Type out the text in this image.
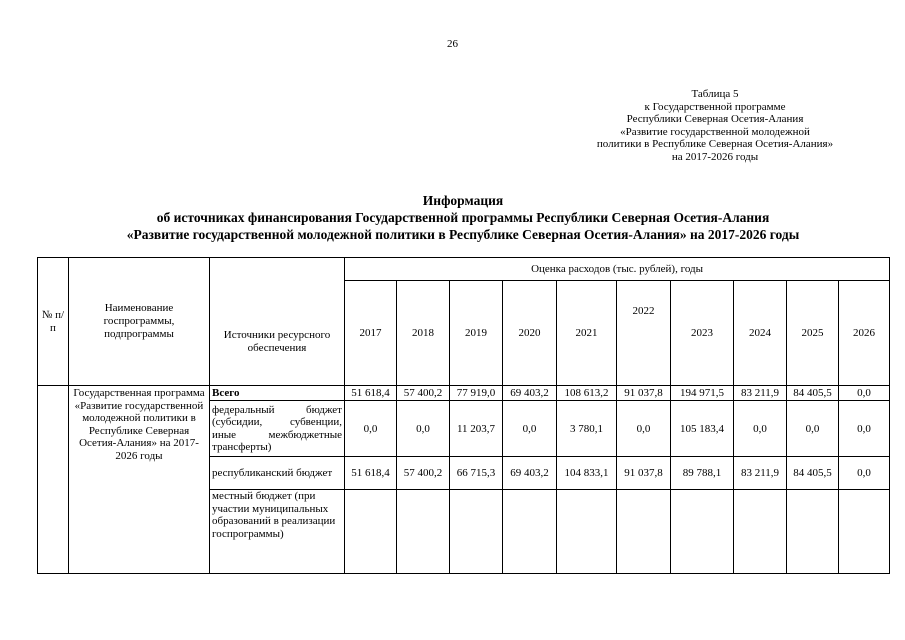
26
Таблица 5
к Государственной программе
Республики Северная Осетия-Алания
«Развитие государственной молодежной
политики в Республике Северная Осетия-Алания»
на 2017-2026 годы
Информация
об источниках финансирования Государственной программы Республики Северная Осетия-Алания
«Развитие государственной молодежной политики в Республике Северная Осетия-Алания» на 2017-2026 годы
№ п/п	Наименование госпрограммы, подпрограммы	Источники ресурсного обеспечения	Оценка расходов (тыс. рублей), годы									
			2017	2018	2019	2020	2021	2022	2023	2024	2025	2026
	Государственная программа «Развитие государственной молодежной политики в Республике Северная Осетия-Алания» на 2017-2026 годы	Всего	51 618,4	57 400,2	77 919,0	69 403,2	108 613,2	91 037,8	194 971,5	83 211,9	84 405,5	0,0
		федеральный бюджет (субсидии, субвенции, иные межбюджетные трансферты)	0,0	0,0	11 203,7	0,0	3 780,1	0,0	105 183,4	0,0	0,0	0,0
		республиканский бюджет	51 618,4	57 400,2	66 715,3	69 403,2	104 833,1	91 037,8	89 788,1	83 211,9	84 405,5	0,0
		местный бюджет (при участии муниципальных образований в реализации госпрограммы)										
